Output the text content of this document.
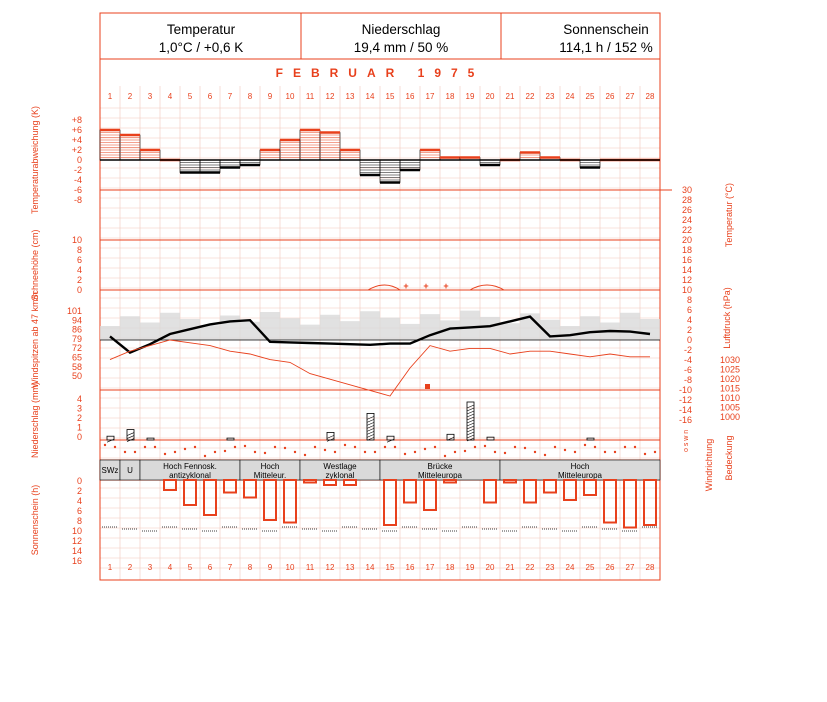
+ + +
SWz U	Hoch Fennosk.
antizyklonal
Hoch
Mitteleur.
Westlage
zyklonal
Brücke
Mitteleuropa
Hoch
Mitteleuropa
1
1
2
2
3
3
4
4
5
5
6
6
7
7
8
8
9
9
10
10
11
11
12
12
13
13
14
14
15
15
16
16
17
17
18
18
19
19
20
20
21
21
22
22
23
23
24
24
25
25
26
26
27
27
28
28
+8
+6
+4
+2
0
-2
-4
-6
-8
Temperaturabweichung (K)	30
28
26
24
22
20
18
16
14
12
10
8
6
4
2
0
-2
-4
-6
-8
-10
-12
-14
-16
Temperatur (°C)
10
8
6
4
2
0
Schneehöhe (cm)
101
94
86
79
72
65
58
50
Windspitzen ab 47 km/h	1030
1025
1020
1015
1010
1005
1000
Luftdruck (hPa)
4
3
2
1
0
Niederschlag (mm)	o s w n Windrichtung Bedeckung
0
2
4
6
8
10
12
14
16
Sonnenschein (h)
Temperatur
1,0°C / +0,6 K
Niederschlag
19,4 mm / 50 %
Sonnenschein
114,1 h / 152 %
FEBRUAR 1975
